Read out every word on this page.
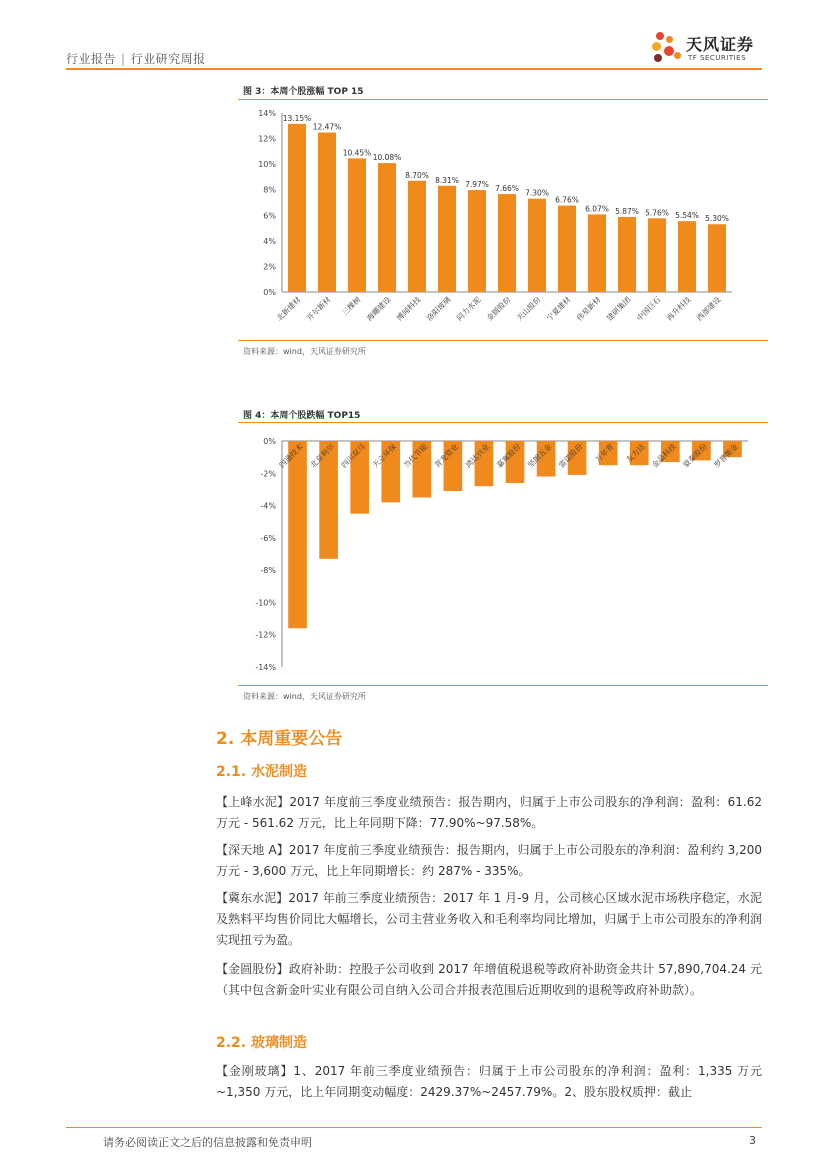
行业报告 | 行业研究周报
天风证券
TF SECURITIES
图 3：本周个股涨幅 TOP 15
0%
2%
4%
6%
8%
10%
12%
14%
13.15%
北新建材
12.47%
开尔新材
10.45%
三棵树
10.08%
海螺建设
8.70%
博闻科技
8.31%
洛阳玻璃
7.97%
同力水泥
7.66%
金圆股份
7.30%
天山股份
6.76%
宁夏建材
6.07%
伟星新材
5.87%
建研集团
5.76%
中国巨石
5.54%
再升科技
5.30%
西部建设
资料来源：wind，天风证券研究所
图 4：本周个股跌幅 TOP15
0%
-2%
-4%
-6%
-8%
-10%
-12%
-14%
四通技术 北京利尔 四川双马 天立环保 当代节能 青龙管业 鸿达兴业 嘉寓股份 坚朗五金 雷诺股份 万年青 友力达 金晶科技 蒙泰股份 罗普斯金
资料来源：wind，天风证券研究所
2. 本周重要公告
2.1. 水泥制造
【上峰水泥】2017 年度前三季度业绩预告：报告期内，归属于上市公司股东的净利润：盈利：61.62 万元 - 561.62 万元，比上年同期下降：77.90%~97.58%。
【深天地 A】2017 年度前三季度业绩预告：报告期内，归属于上市公司股东的净利润：盈利约 3,200 万元 - 3,600 万元，比上年同期增长：约 287% - 335%。
【冀东水泥】2017 年前三季度业绩预告：2017 年 1 月-9 月，公司核心区域水泥市场秩序稳定，水泥及熟料平均售价同比大幅增长，公司主营业务收入和毛利率均同比增加，归属于上市公司股东的净利润实现扭亏为盈。
【金圆股份】政府补助：控股子公司收到 2017 年增值税退税等政府补助资金共计 57,890,704.24 元（其中包含新金叶实业有限公司自纳入公司合并报表范围后近期收到的退税等政府补助款）。
2.2. 玻璃制造
【金刚玻璃】1、2017 年前三季度业绩预告：归属于上市公司股东的净利润：盈利：1,335 万元~1,350 万元，比上年同期变动幅度：2429.37%~2457.79%。2、股东股权质押：截止
请务必阅读正文之后的信息披露和免责申明	3
